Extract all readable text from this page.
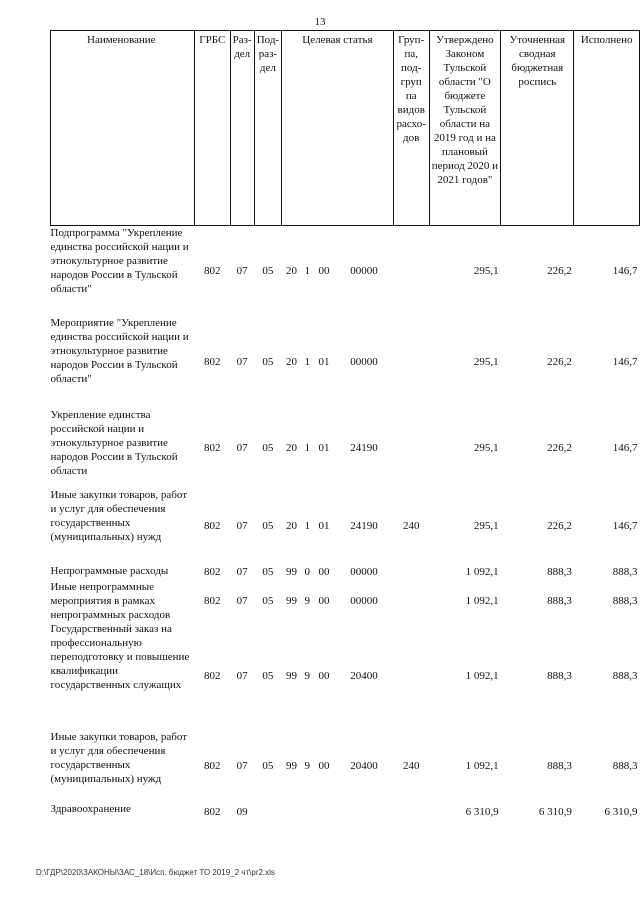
13
Наименование	ГРБС	Раз-дел	Под-раз-дел	Целевая статья				Груп-па, под-груп па видов расхо-дов	Утверждено Законом Тульской области "О бюджете Тульской области на 2019 год и на плановый период 2020 и 2021 годов"	Уточненная сводная бюджетная роспись	Исполнено
Подпрограмма "Укрепление единства российской нации и этнокультурное развитие народов России в Тульской области"	802	07	05	20	1	00	00000		295,1	226,2	146,7
Мероприятие "Укрепление единства российской нации и этнокультурное развитие народов России в Тульской области"	802	07	05	20	1	01	00000		295,1	226,2	146,7
Укрепление единства российской нации и этнокультурное развитие народов России в Тульской области	802	07	05	20	1	01	24190		295,1	226,2	146,7
Иные закупки товаров, работ и услуг для обеспечения государственных (муниципальных) нужд	802	07	05	20	1	01	24190	240	295,1	226,2	146,7
Непрограммные расходы	802	07	05	99	0	00	00000		1 092,1	888,3	888,3
Иные непрограммные мероприятия в рамках непрограммных расходов	802	07	05	99	9	00	00000		1 092,1	888,3	888,3
Государственный заказ на профессиональную переподготовку и повышение квалификации государственных служащих	802	07	05	99	9	00	20400		1 092,1	888,3	888,3
Иные закупки товаров, работ и услуг для обеспечения государственных (муниципальных) нужд	802	07	05	99	9	00	20400	240	1 092,1	888,3	888,3
Здравоохранение	802	09							6 310,9	6 310,9	6 310,9
D:\ГДР\2020\ЗАКОНЫ\ЗАС_18\Исп. бюджет ТО 2019_2 чт\pr2.xls
